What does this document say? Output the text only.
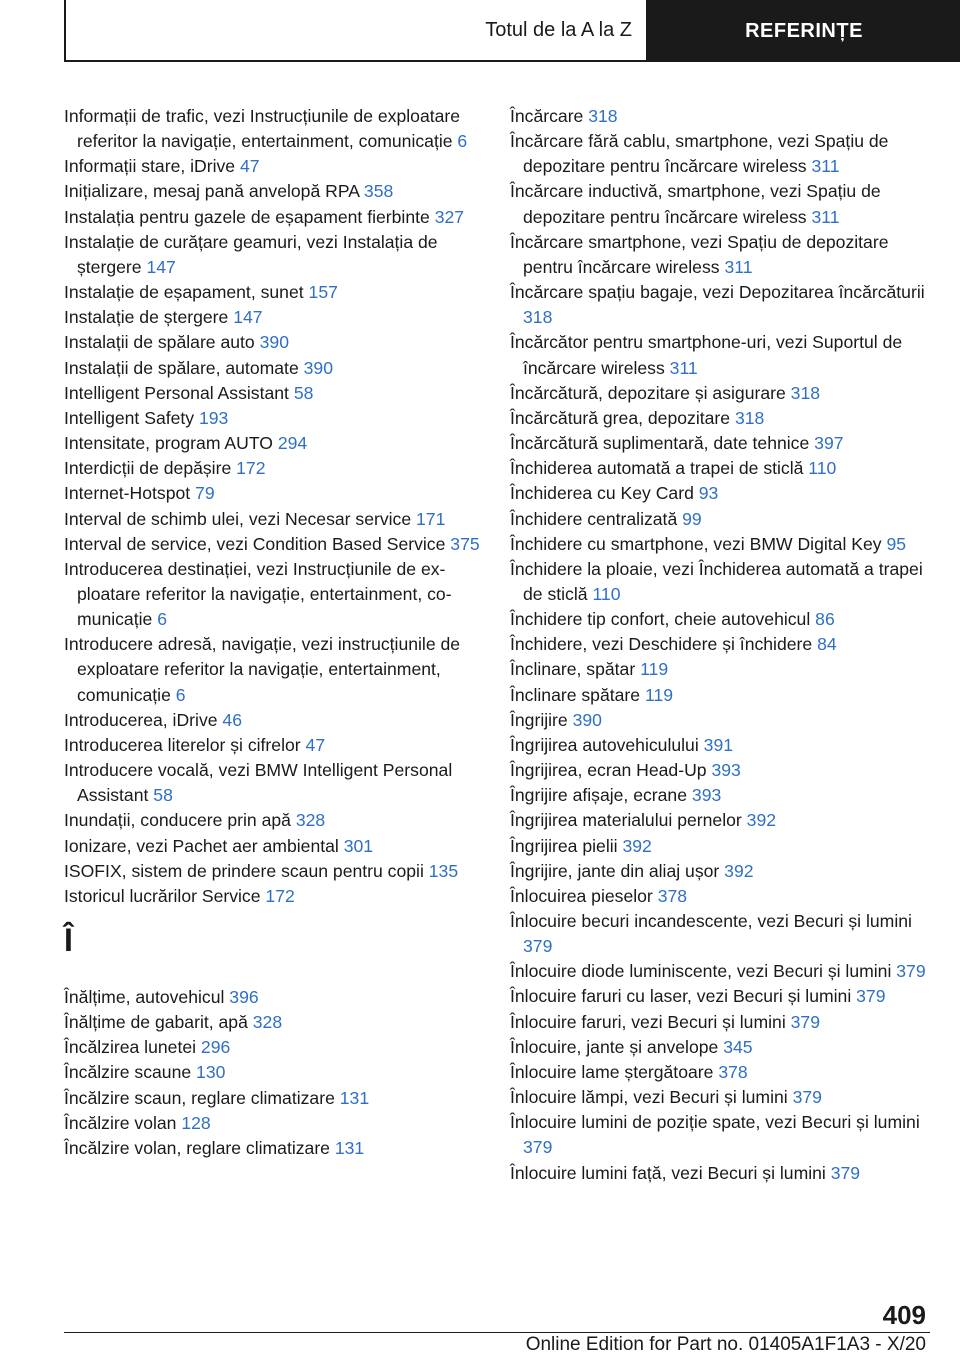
Totul de la A la Z	REFERINȚE

Informații de trafic, vezi Instrucțiunile de exploatare referitor la navigație, entertainment, comunicație 6

Informații stare, iDrive 47

Inițializare, mesaj pană anvelopă RPA 358

Instalația pentru gazele de eșapament fierbinte 327

Instalație de curățare geamuri, vezi Instalația de ștergere 147

Instalație de eșapament, sunet 157

Instalație de ștergere 147

Instalații de spălare auto 390

Instalații de spălare, automate 390

Intelligent Personal Assistant 58

Intelligent Safety 193

Intensitate, program AUTO 294

Interdicții de depășire 172

Internet-Hotspot 79

Interval de schimb ulei, vezi Necesar service 171

Interval de service, vezi Condition Based Service 375

Introducerea destinației, vezi Instrucțiunile de exploatare referitor la navigație, entertainment, comunicație 6

Introducere adresă, navigație, vezi instrucțiunile de exploatare referitor la navigație, entertainment, comunicație 6

Introducerea, iDrive 46

Introducerea literelor și cifrelor 47

Introducere vocală, vezi BMW Intelligent Personal Assistant 58

Inundații, conducere prin apă 328

Ionizare, vezi Pachet aer ambiental 301

ISOFIX, sistem de prindere scaun pentru copii 135

Istoricul lucrărilor Service 172

Î

Înălțime, autovehicul 396

Înălțime de gabarit, apă 328

Încălzirea lunetei 296

Încălzire scaune 130

Încălzire scaun, reglare climatizare 131

Încălzire volan 128

Încălzire volan, reglare climatizare 131

Încărcare 318

Încărcare fără cablu, smartphone, vezi Spațiu de depozitare pentru încărcare wireless 311

Încărcare inductivă, smartphone, vezi Spațiu de depozitare pentru încărcare wireless 311

Încărcare smartphone, vezi Spațiu de depozitare pentru încărcare wireless 311

Încărcare spațiu bagaje, vezi Depozitarea încărcăturii 318

Încărcător pentru smartphone-uri, vezi Suportul de încărcare wireless 311

Încărcătură, depozitare și asigurare 318

Încărcătură grea, depozitare 318

Încărcătură suplimentară, date tehnice 397

Închiderea automată a trapei de sticlă 110

Închiderea cu Key Card 93

Închidere centralizată 99

Închidere cu smartphone, vezi BMW Digital Key 95

Închidere la ploaie, vezi Închiderea automată a trapei de sticlă 110

Închidere tip confort, cheie autovehicul 86

Închidere, vezi Deschidere și închidere 84

Înclinare, spătar 119

Înclinare spătare 119

Îngrijire 390

Îngrijirea autovehiculului 391

Îngrijirea, ecran Head-Up 393

Îngrijire afișaje, ecrane 393

Îngrijirea materialului pernelor 392

Îngrijirea pielii 392

Îngrijire, jante din aliaj ușor 392

Înlocuirea pieselor 378

Înlocuire becuri incandescente, vezi Becuri și lumini 379

Înlocuire diode luminiscente, vezi Becuri și lumini 379

Înlocuire faruri cu laser, vezi Becuri și lumini 379

Înlocuire faruri, vezi Becuri și lumini 379

Înlocuire, jante și anvelope 345

Înlocuire lame ștergătoare 378

Înlocuire lămpi, vezi Becuri și lumini 379

Înlocuire lumini de poziție spate, vezi Becuri și lumini 379

Înlocuire lumini față, vezi Becuri și lumini 379

409
Online Edition for Part no. 01405A1F1A3 - X/20
